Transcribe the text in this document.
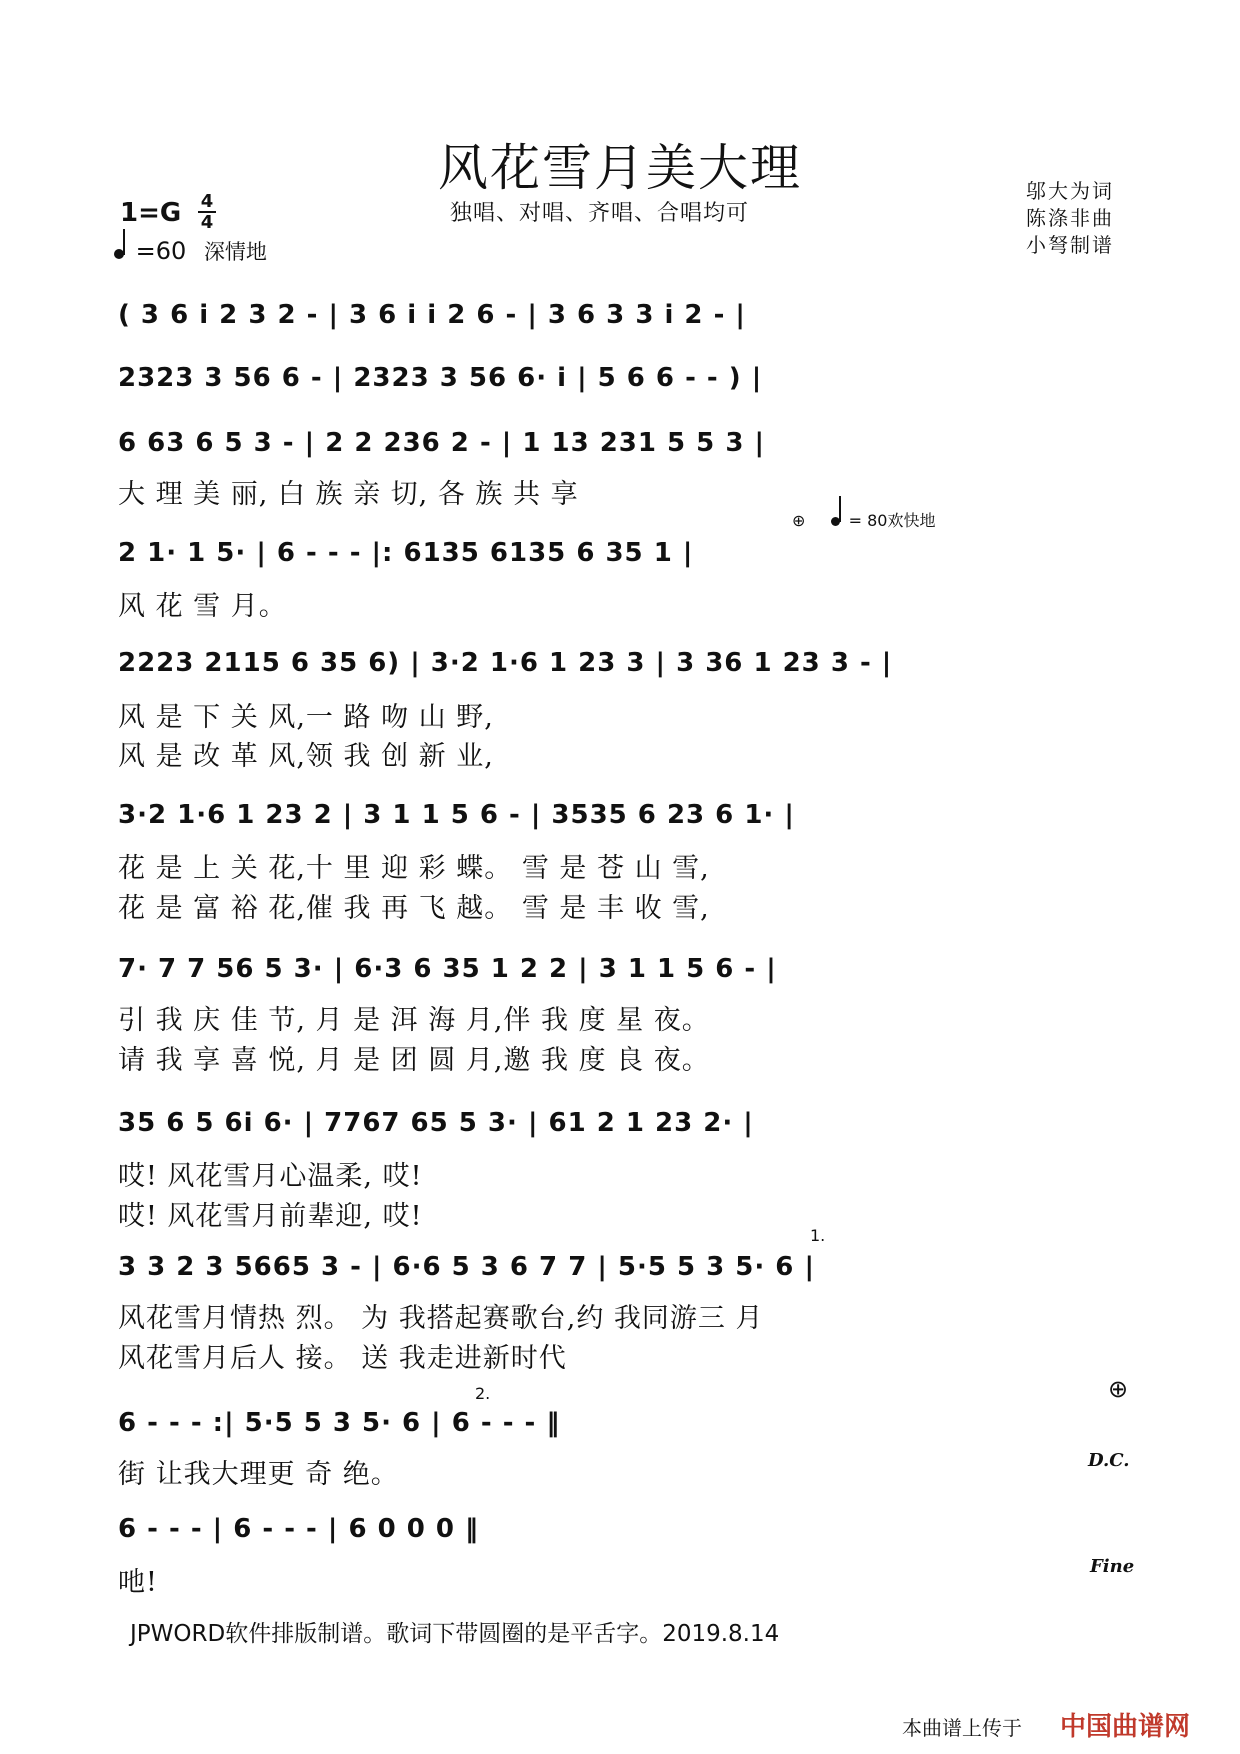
风花雪月美大理
1=G 4
4
=60 深情地
独唱、对唱、齐唱、合唱均可
邬大为词
陈涤非曲
小弩制谱
( 3 6 i 2 3 2 - | 3 6 i i 2 6 - | 3 6 3 3 i 2 - |
2323 3 56 6 - | 2323 3 56 6· i | 5 6 6 - - ) |
6 63 6 5 3 - | 2 2 236 2 - | 1 13 231 5 5 3 |
大 理 美 丽, 白 族 亲 切, 各 族 共 享
⊕	= 80欢快地
2 1· 1 5· | 6 - - - |: 6135 6135 6 35 1 |
风 花 雪 月。
2223 2115 6 35 6) | 3·2 1·6 1 23 3 | 3 36 1 23 3 - |
风 是 下 关 风,一 路 吻 山 野,
风 是 改 革 风,领 我 创 新 业,
3·2 1·6 1 23 2 | 3 1 1 5 6 - | 3535 6 23 6 1· |
花 是 上 关 花,十 里 迎 彩 蝶。 雪 是 苍 山 雪,
花 是 富 裕 花,催 我 再 飞 越。 雪 是 丰 收 雪,
7· 7 7 56 5 3· | 6·3 6 35 1 2 2 | 3 1 1 5 6 - |
引 我 庆 佳 节, 月 是 洱 海 月,伴 我 度 星 夜。
请 我 享 喜 悦, 月 是 团 圆 月,邀 我 度 良 夜。
35 6 5 6i 6· | 7767 65 5 3· | 61 2 1 23 2· |
哎! 风花雪月心温柔, 哎!
哎! 风花雪月前辈迎, 哎!
1.
3 3 2 3 5665 3 - | 6·6 5 3 6 7 7 | 5·5 5 3 5· 6 |
风花雪月情热 烈。 为 我搭起赛歌台,约 我同游三 月
风花雪月后人 接。 送 我走进新时代
2.	⊕
6 - - - :| 5·5 5 3 5· 6 | 6 - - - ‖
街 让我大理更 奇 绝。	D.C.
6 - - - | 6 - - - | 6 0 0 0 ‖
吔!
Fine
JPWORD软件排版制谱。歌词下带圆圈的是平舌字。2019.8.14
本曲谱上传于 中国曲谱网
